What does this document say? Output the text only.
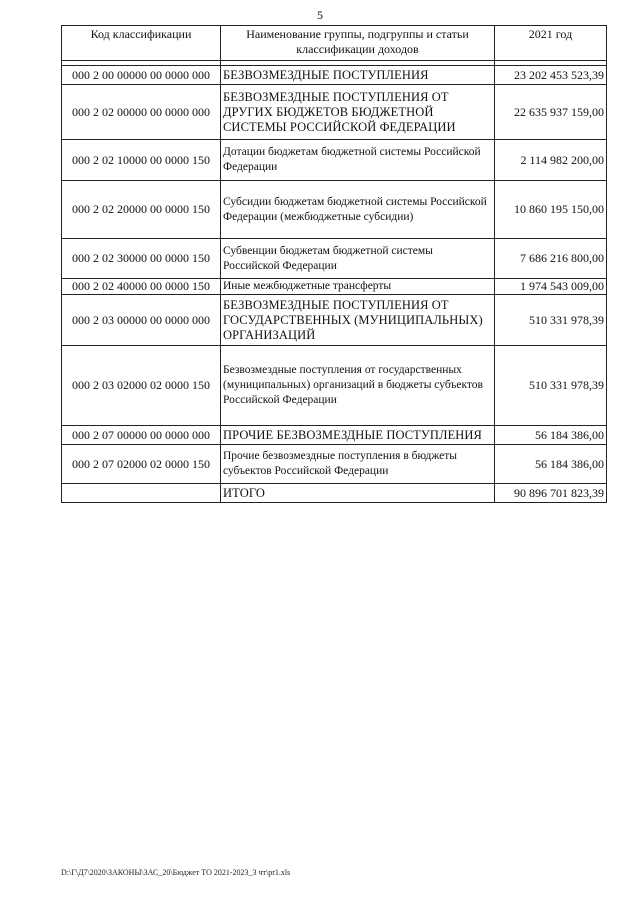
5
Код классификации	Наименование группы, подгруппы и статьи классификации доходов	2021 год

000 2 00 00000 00 0000 000	БЕЗВОЗМЕЗДНЫЕ ПОСТУПЛЕНИЯ	23 202 453 523,39
000 2 02 00000 00 0000 000	БЕЗВОЗМЕЗДНЫЕ ПОСТУПЛЕНИЯ ОТ ДРУГИХ БЮДЖЕТОВ БЮДЖЕТНОЙ СИСТЕМЫ РОССИЙСКОЙ ФЕДЕРАЦИИ	22 635 937 159,00
000 2 02 10000 00 0000 150	Дотации бюджетам бюджетной системы Российской Федерации	2 114 982 200,00
000 2 02 20000 00 0000 150	Субсидии бюджетам бюджетной системы Российской Федерации (межбюджетные субсидии)	10 860 195 150,00
000 2 02 30000 00 0000 150	Субвенции бюджетам бюджетной системы Российской Федерации	7 686 216 800,00
000 2 02 40000 00 0000 150	Иные межбюджетные трансферты	1 974 543 009,00
000 2 03 00000 00 0000 000	БЕЗВОЗМЕЗДНЫЕ ПОСТУПЛЕНИЯ ОТ ГОСУДАРСТВЕННЫХ (МУНИЦИПАЛЬНЫХ) ОРГАНИЗАЦИЙ	510 331 978,39
000 2 03 02000 02 0000 150	Безвозмездные поступления от государственных (муниципальных) организаций в бюджеты субъектов Российской Федерации	510 331 978,39
000 2 07 00000 00 0000 000	ПРОЧИЕ БЕЗВОЗМЕЗДНЫЕ ПОСТУПЛЕНИЯ	56 184 386,00
000 2 07 02000 02 0000 150	Прочие безвозмездные поступления в бюджеты субъектов Российской Федерации	56 184 386,00
	ИТОГО	90 896 701 823,39
D:\Г\Д7\2020\ЗАКОНЫ\ЗАС_20\Бюджет ТО 2021-2023_3 чт\pr1.xls
